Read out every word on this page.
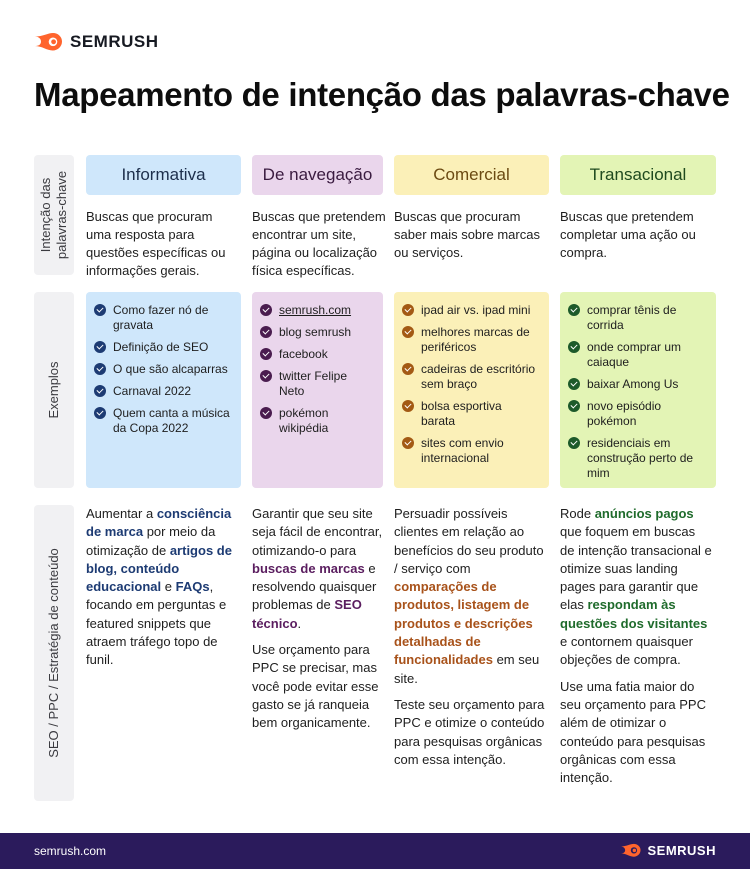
SEMRUSH
Mapeamento de intenção das palavras-chave
Intenção das palavras-chave
Exemplos
SEO / PPC / Estratégia de conteúdo
Informativa
Buscas que procuram uma resposta para questões específicas ou informações gerais.
Como fazer nó de gravata
Definição de SEO
O que são alcaparras
Carnaval 2022
Quem canta a música da Copa 2022

Aumentar a consciência de marca por meio da otimização de artigos de blog, conteúdo educacional e FAQs, focando em perguntas e featured snippets que atraem tráfego topo de funil.

De navegação
Buscas que pretendem encontrar um site, página ou localização física específicas.
semrush.com
blog semrush
facebook
twitter Felipe Neto
pokémon wikipédia

Garantir que seu site seja fácil de encontrar, otimizando-o para buscas de marcas e resolvendo quaisquer problemas de SEO técnico.

Use orçamento para PPC se precisar, mas você pode evitar esse gasto se já ranqueia bem organicamente.

Comercial
Buscas que procuram saber mais sobre marcas ou serviços.
ipad air vs. ipad mini
melhores marcas de periféricos
cadeiras de escritório sem braço
bolsa esportiva barata
sites com envio internacional

Persuadir possíveis clientes em relação ao benefícios do seu produto / serviço com comparações de produtos, listagem de produtos e descrições detalhadas de funcionalidades em seu site.

Teste seu orçamento para PPC e otimize o conteúdo para pesquisas orgânicas com essa intenção.

Transacional
Buscas que pretendem completar uma ação ou compra.
comprar tênis de corrida
onde comprar um caiaque
baixar Among Us
novo episódio pokémon
residenciais em construção perto de mim

Rode anúncios pagos que foquem em buscas de intenção transacional e otimize suas landing pages para garantir que elas respondam às questões dos visitantes e contornem quaisquer objeções de compra.

Use uma fatia maior do seu orçamento para PPC além de otimizar o conteúdo para pesquisas orgânicas com essa intenção.

semrush.com	SEMRUSH
